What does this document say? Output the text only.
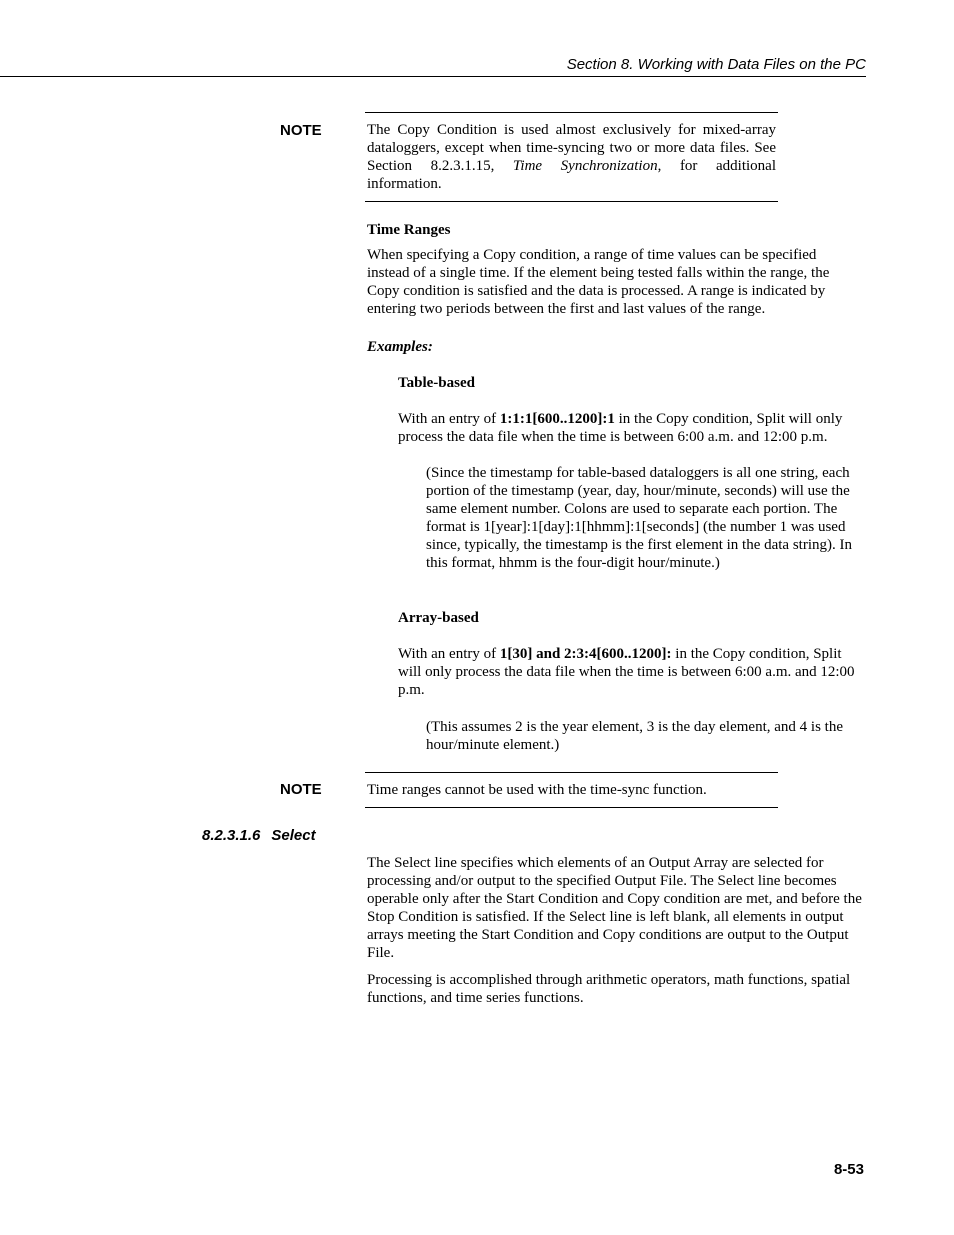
Section 8. Working with Data Files on the PC
NOTE	The Copy Condition is used almost exclusively for mixed-array dataloggers, except when time-syncing two or more data files. See Section 8.2.3.1.15, Time Synchronization, for additional information.

Time Ranges

When specifying a Copy condition, a range of time values can be specified instead of a single time. If the element being tested falls within the range, the Copy condition is satisfied and the data is processed. A range is indicated by entering two periods between the first and last values of the range.

Examples:
Table-based

With an entry of 1:1:1[600..1200]:1 in the Copy condition, Split will only process the data file when the time is between 6:00 a.m. and 12:00 p.m.

(Since the timestamp for table-based dataloggers is all one string, each portion of the timestamp (year, day, hour/minute, seconds) will use the same element number. Colons are used to separate each portion. The format is 1[year]:1[day]:1[hhmm]:1[seconds] (the number 1 was used since, typically, the timestamp is the first element in the data string). In this format, hhmm is the four-digit hour/minute.)

Array-based

With an entry of 1[30] and 2:3:4[600..1200]: in the Copy condition, Split will only process the data file when the time is between 6:00 a.m. and 12:00 p.m.

(This assumes 2 is the year element, 3 is the day element, and 4 is the hour/minute element.)

NOTE	Time ranges cannot be used with the time-sync function.

8.2.3.1.6 Select

The Select line specifies which elements of an Output Array are selected for processing and/or output to the specified Output File. The Select line becomes operable only after the Start Condition and Copy condition are met, and before the Stop Condition is satisfied. If the Select line is left blank, all elements in output arrays meeting the Start Condition and Copy conditions are output to the Output File.

Processing is accomplished through arithmetic operators, math functions, spatial functions, and time series functions.

8-53
